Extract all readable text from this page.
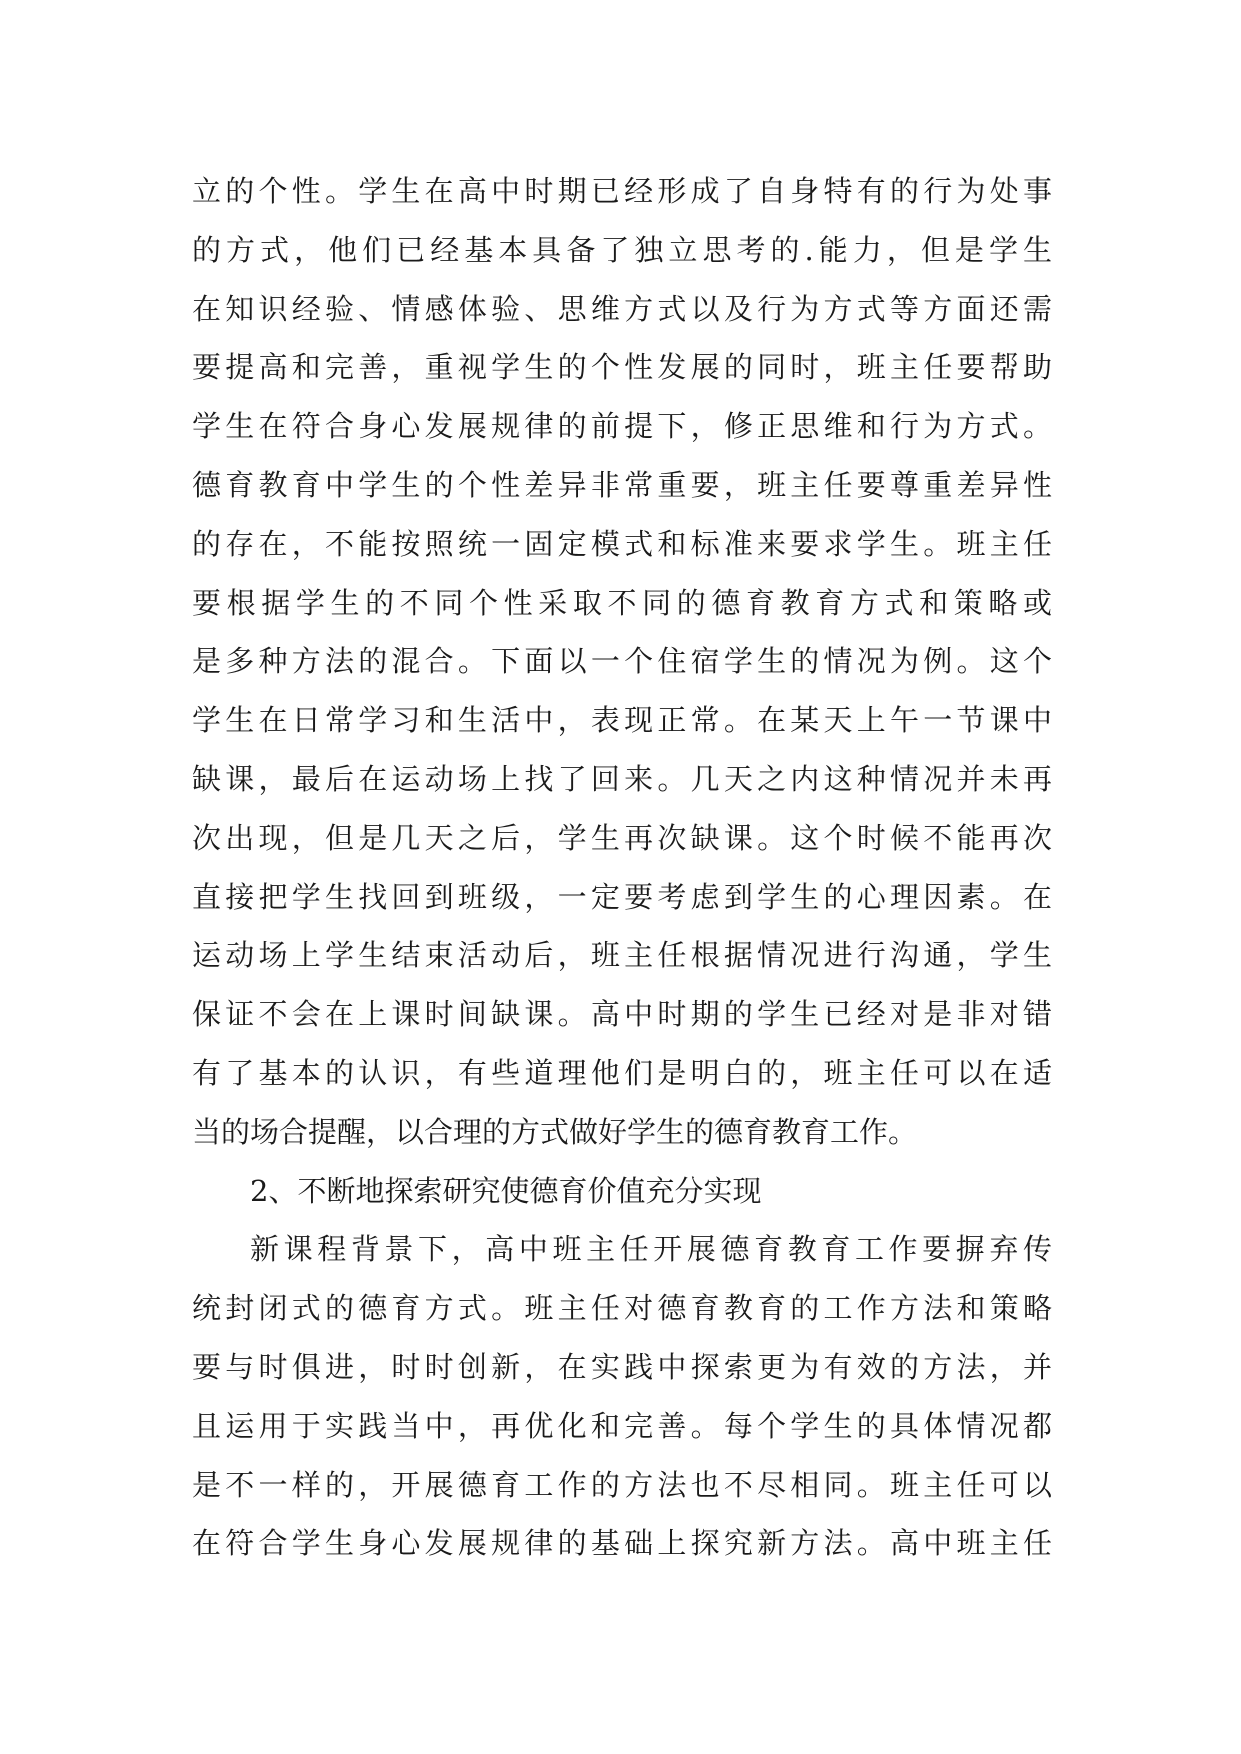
立的个性。学生在高中时期已经形成了自身特有的行为处事
的方式，他们已经基本具备了独立思考的.能力，但是学生
在知识经验、情感体验、思维方式以及行为方式等方面还需
要提高和完善，重视学生的个性发展的同时，班主任要帮助
学生在符合身心发展规律的前提下，修正思维和行为方式。
德育教育中学生的个性差异非常重要，班主任要尊重差异性
的存在，不能按照统一固定模式和标准来要求学生。班主任
要根据学生的不同个性采取不同的德育教育方式和策略或
是多种方法的混合。下面以一个住宿学生的情况为例。这个
学生在日常学习和生活中，表现正常。在某天上午一节课中
缺课，最后在运动场上找了回来。几天之内这种情况并未再
次出现，但是几天之后，学生再次缺课。这个时候不能再次
直接把学生找回到班级，一定要考虑到学生的心理因素。在
运动场上学生结束活动后，班主任根据情况进行沟通，学生
保证不会在上课时间缺课。高中时期的学生已经对是非对错
有了基本的认识，有些道理他们是明白的，班主任可以在适
当的场合提醒，以合理的方式做好学生的德育教育工作。
2、不断地探索研究使德育价值充分实现
新课程背景下，高中班主任开展德育教育工作要摒弃传
统封闭式的德育方式。班主任对德育教育的工作方法和策略
要与时俱进，时时创新，在实践中探索更为有效的方法，并
且运用于实践当中，再优化和完善。每个学生的具体情况都
是不一样的，开展德育工作的方法也不尽相同。班主任可以
在符合学生身心发展规律的基础上探究新方法。高中班主任
